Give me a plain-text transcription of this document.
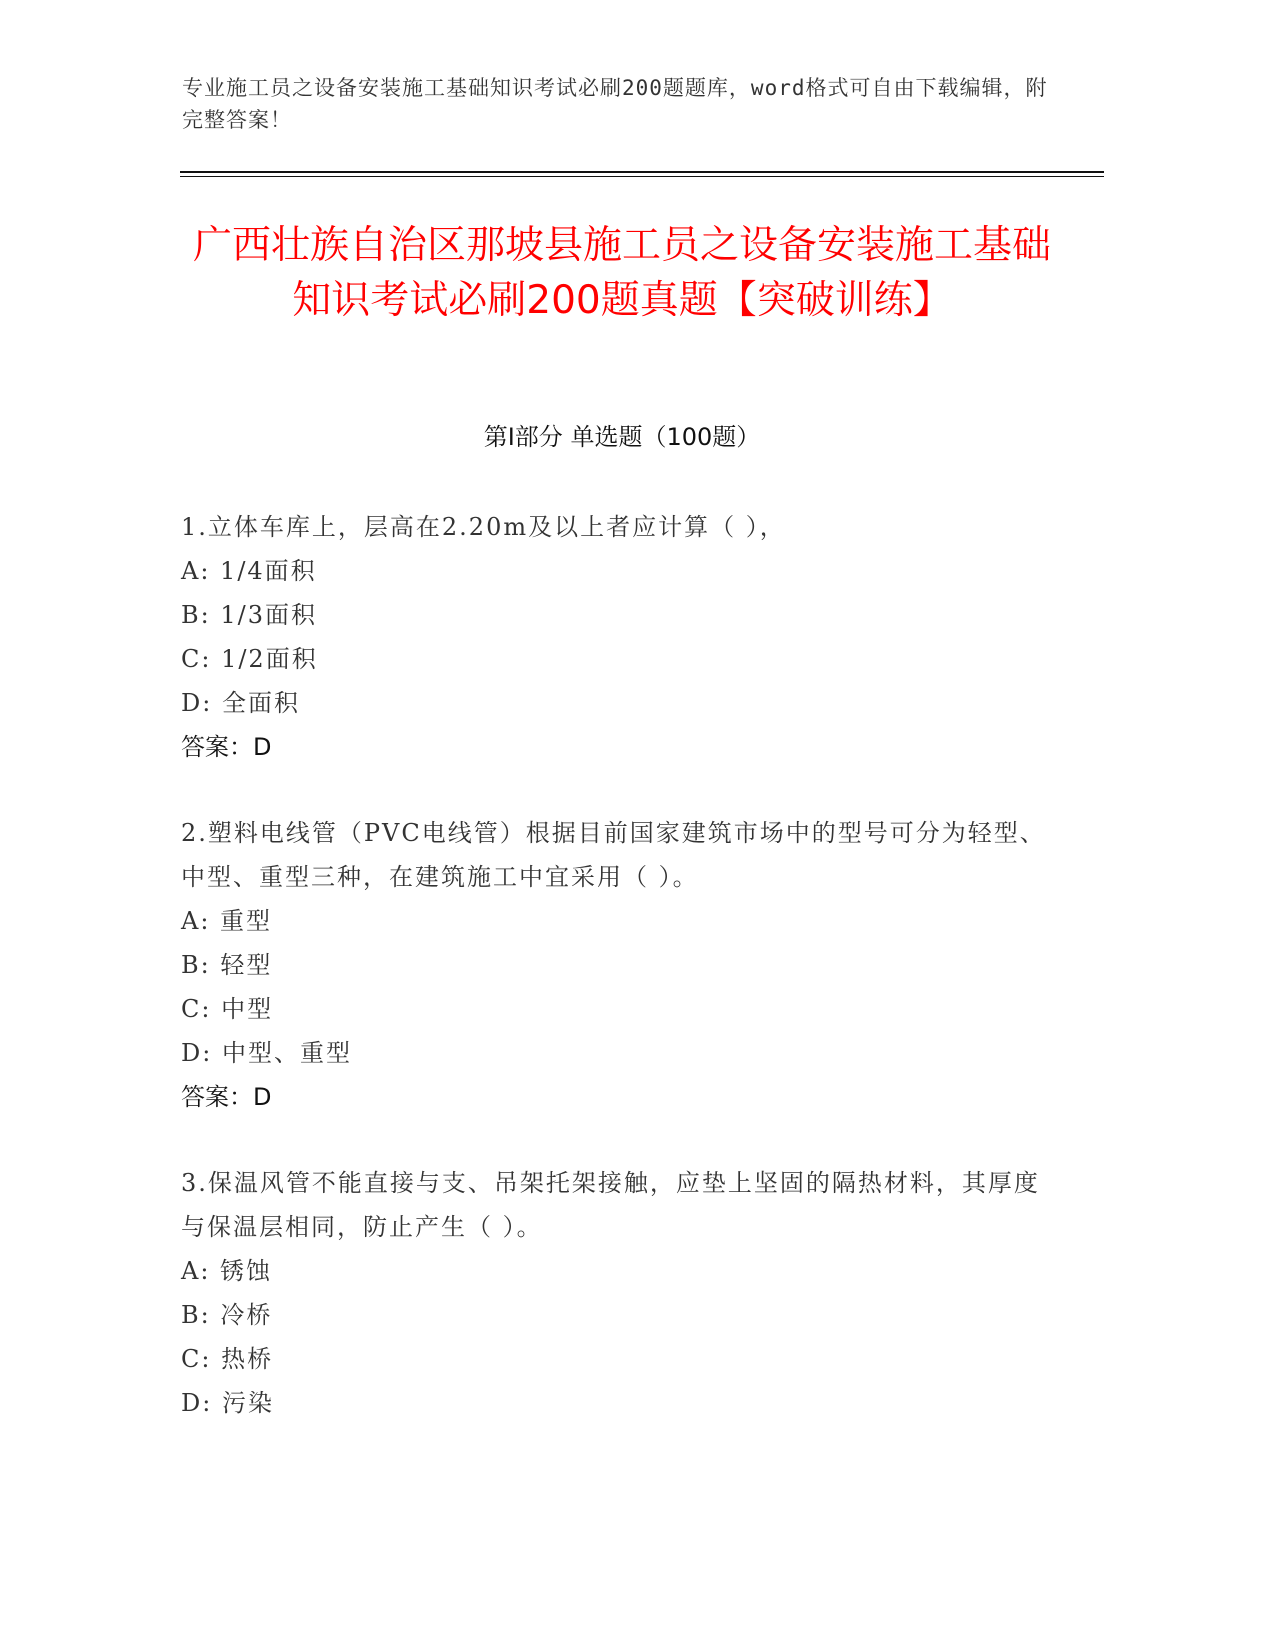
专业施工员之设备安装施工基础知识考试必刷200题题库，word格式可自由下载编辑，附完整答案！
广西壮族自治区那坡县施工员之设备安装施工基础知识考试必刷200题真题【突破训练】
第I部分 单选题（100题）
1.立体车库上，层高在2.20m及以上者应计算（ ），
A: 1/4面积
B: 1/3面积
C: 1/2面积
D: 全面积
答案：D
2.塑料电线管（PVC电线管）根据目前国家建筑市场中的型号可分为轻型、中型、重型三种，在建筑施工中宜采用（ ）。
A: 重型
B: 轻型
C: 中型
D: 中型、重型
答案：D
3.保温风管不能直接与支、吊架托架接触，应垫上坚固的隔热材料，其厚度与保温层相同，防止产生（ ）。
A: 锈蚀
B: 冷桥
C: 热桥
D: 污染
